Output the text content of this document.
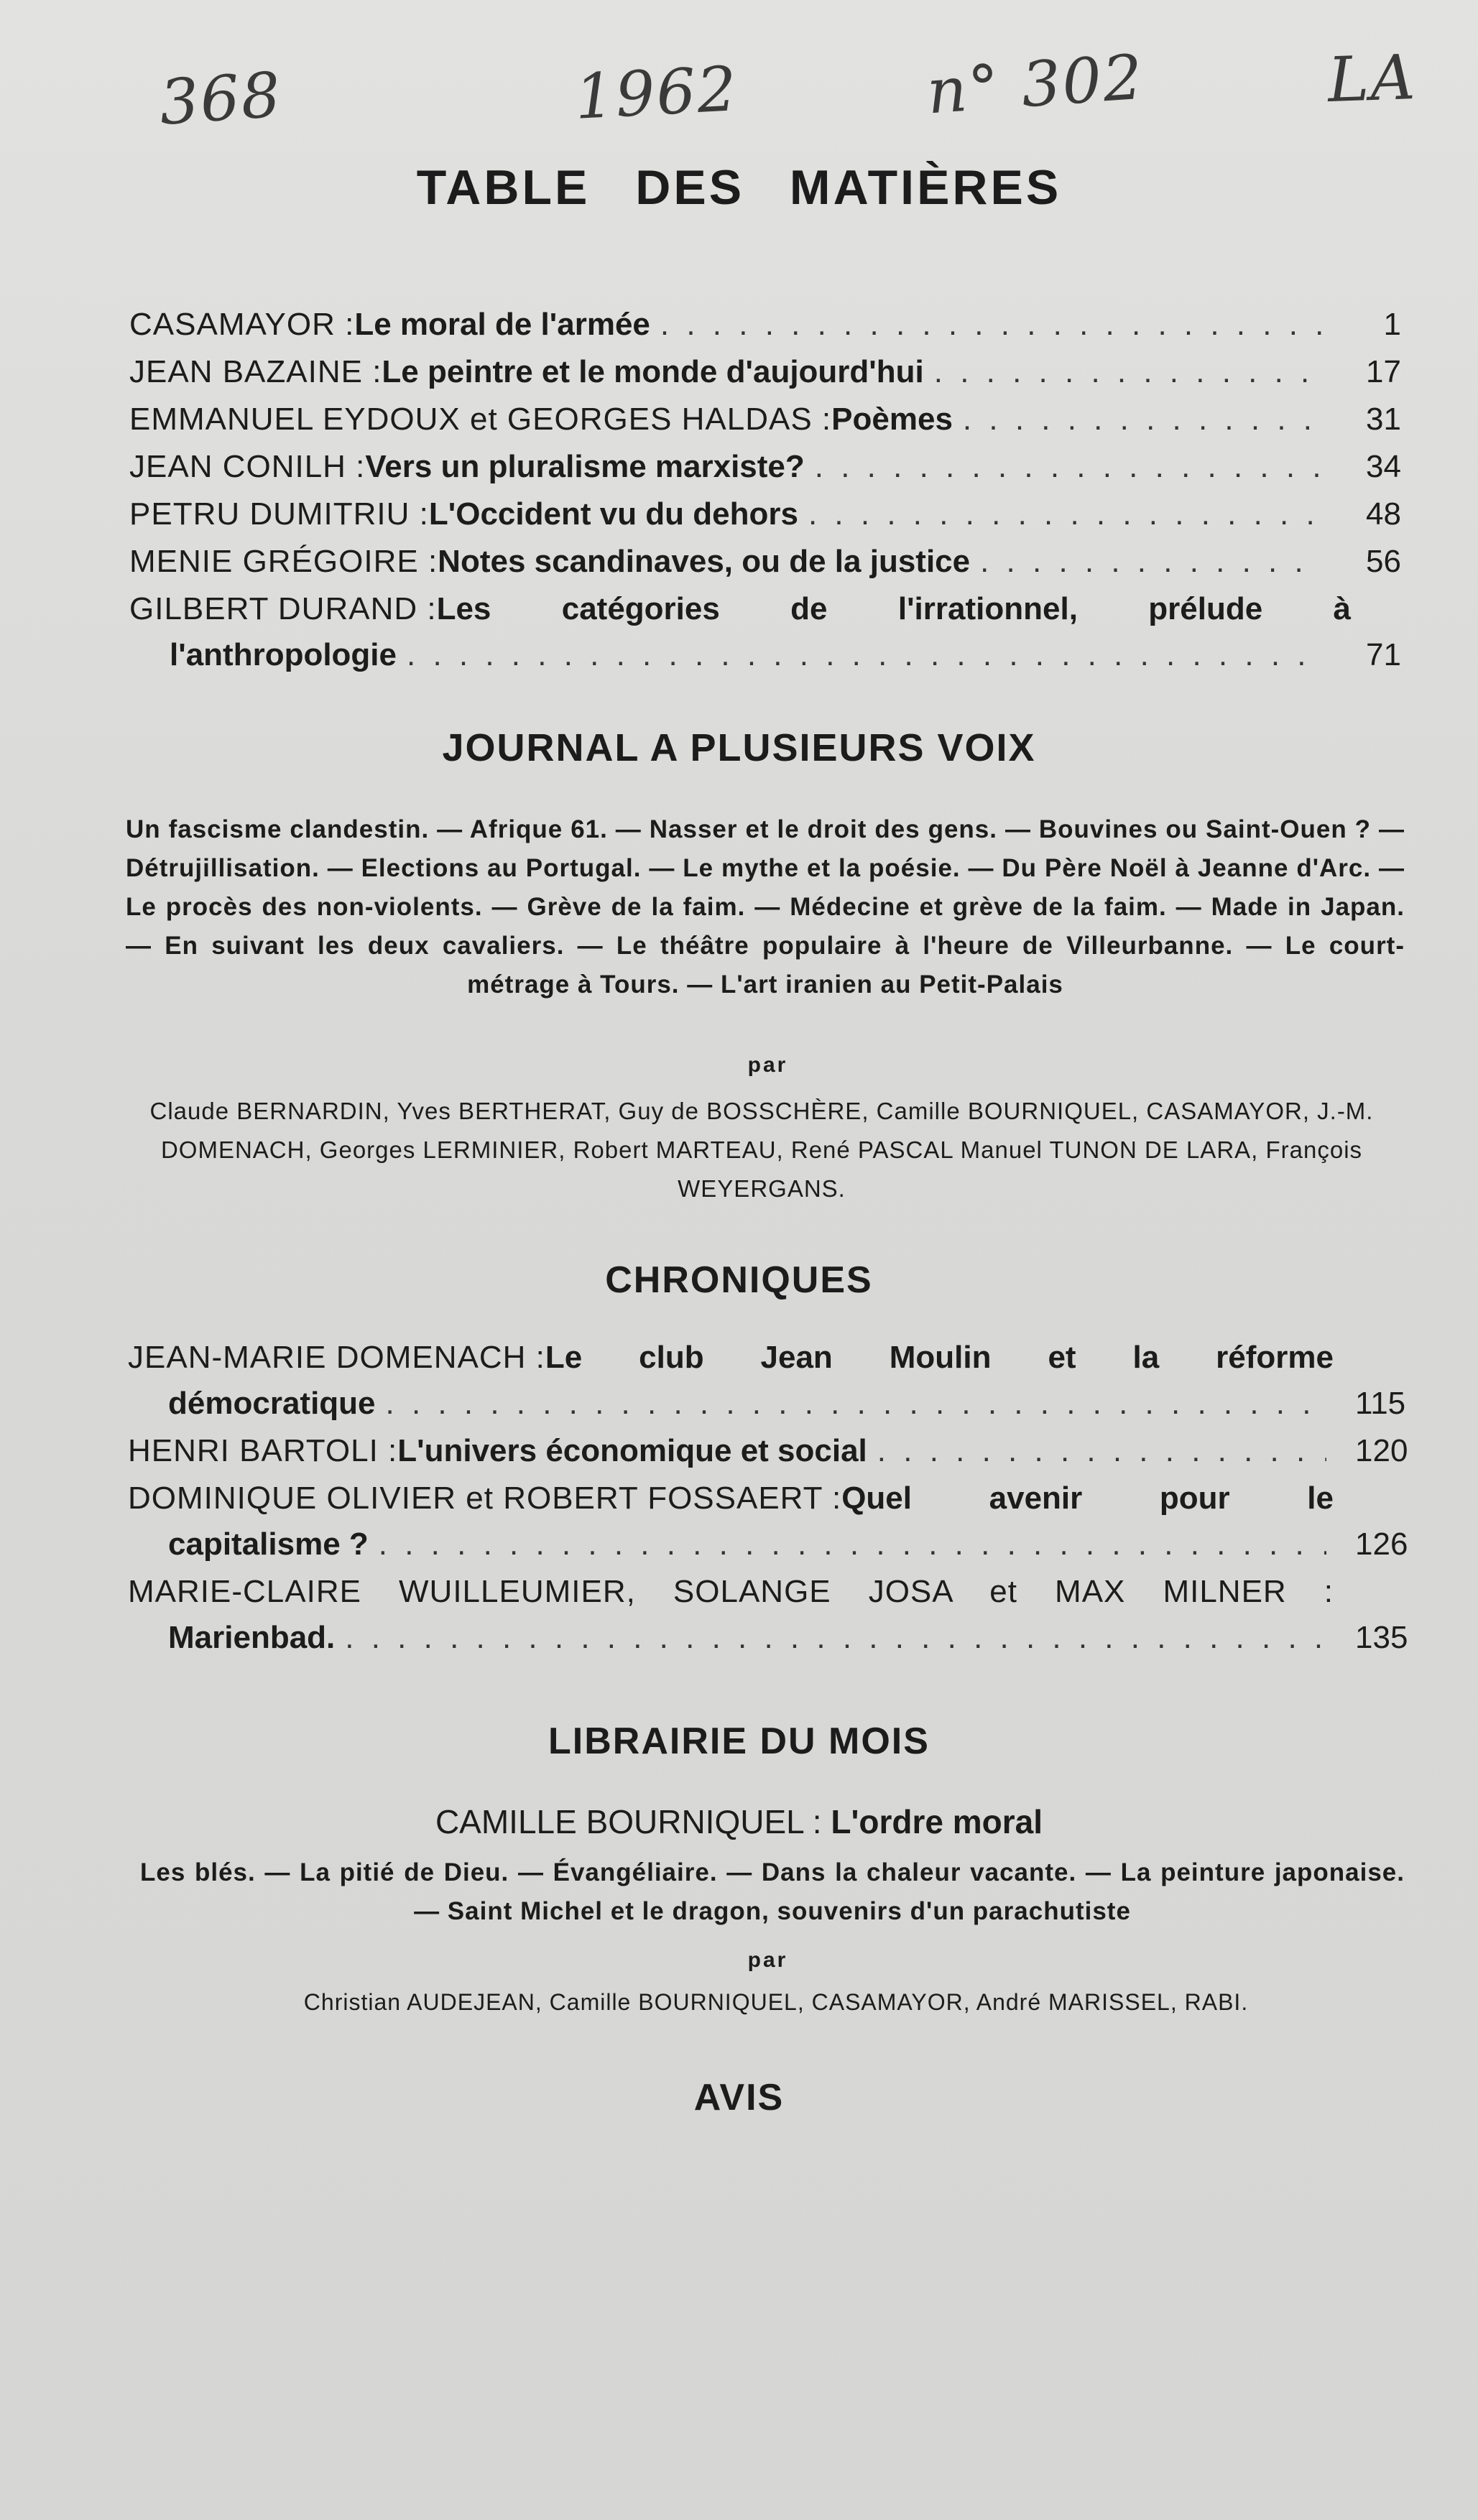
368	1962	n° 302	LA
TABLE DES MATIÈRES
CASAMAYOR : Le moral de l'armée . . .	1
JEAN BAZAINE : Le peintre et le monde d'aujourd'hui . . .	17
EMMANUEL EYDOUX et GEORGES HALDAS : Poèmes . . .	31
JEAN CONILH : Vers un pluralisme marxiste? . . .	34
PETRU DUMITRIU : L'Occident vu du dehors . . .	48
MENIE GRÉGOIRE : Notes scandinaves, ou de la justice . . .	56
GILBERT DURAND : Les catégories de l'irrationnel, prélude à
l'anthropologie . . .	71
JOURNAL A PLUSIEURS VOIX

Un fascisme clandestin. — Afrique 61. — Nasser et le droit des gens. — Bouvines ou Saint-Ouen ? — Détrujillisation. — Elections au Portugal. — Le mythe et la poésie. — Du Père Noël à Jeanne d'Arc. — Le procès des non-violents. — Grève de la faim. — Médecine et grève de la faim. — Made in Japan. — En suivant les deux cavaliers. — Le théâtre populaire à l'heure de Villeurbanne. — Le court-métrage à Tours. — L'art iranien au Petit-Palais

par

Claude BERNARDIN, Yves BERTHERAT, Guy de BOSSCHÈRE, Camille BOURNIQUEL, CASAMAYOR, J.-M. DOMENACH, Georges LERMINIER, Robert MARTEAU, René PASCAL Manuel TUNON DE LARA, François WEYERGANS.

CHRONIQUES
JEAN-MARIE DOMENACH : Le club Jean Moulin et la réforme
démocratique . . .	115
HENRI BARTOLI : L'univers économique et social . . .	120
DOMINIQUE OLIVIER et ROBERT FOSSAERT : Quel avenir pour le
capitalisme ? . . .	126
MARIE-CLAIRE WUILLEUMIER, SOLANGE JOSA et MAX MILNER :
Marienbad. . . .	135
LIBRAIRIE DU MOIS
CAMILLE BOURNIQUEL : L'ordre moral

Les blés. — La pitié de Dieu. — Évangéliaire. — Dans la chaleur vacante. — La peinture japonaise. — Saint Michel et le dragon, souvenirs d'un parachutiste

par

Christian AUDEJEAN, Camille BOURNIQUEL, CASAMAYOR, André MARISSEL, RABI.

AVIS
